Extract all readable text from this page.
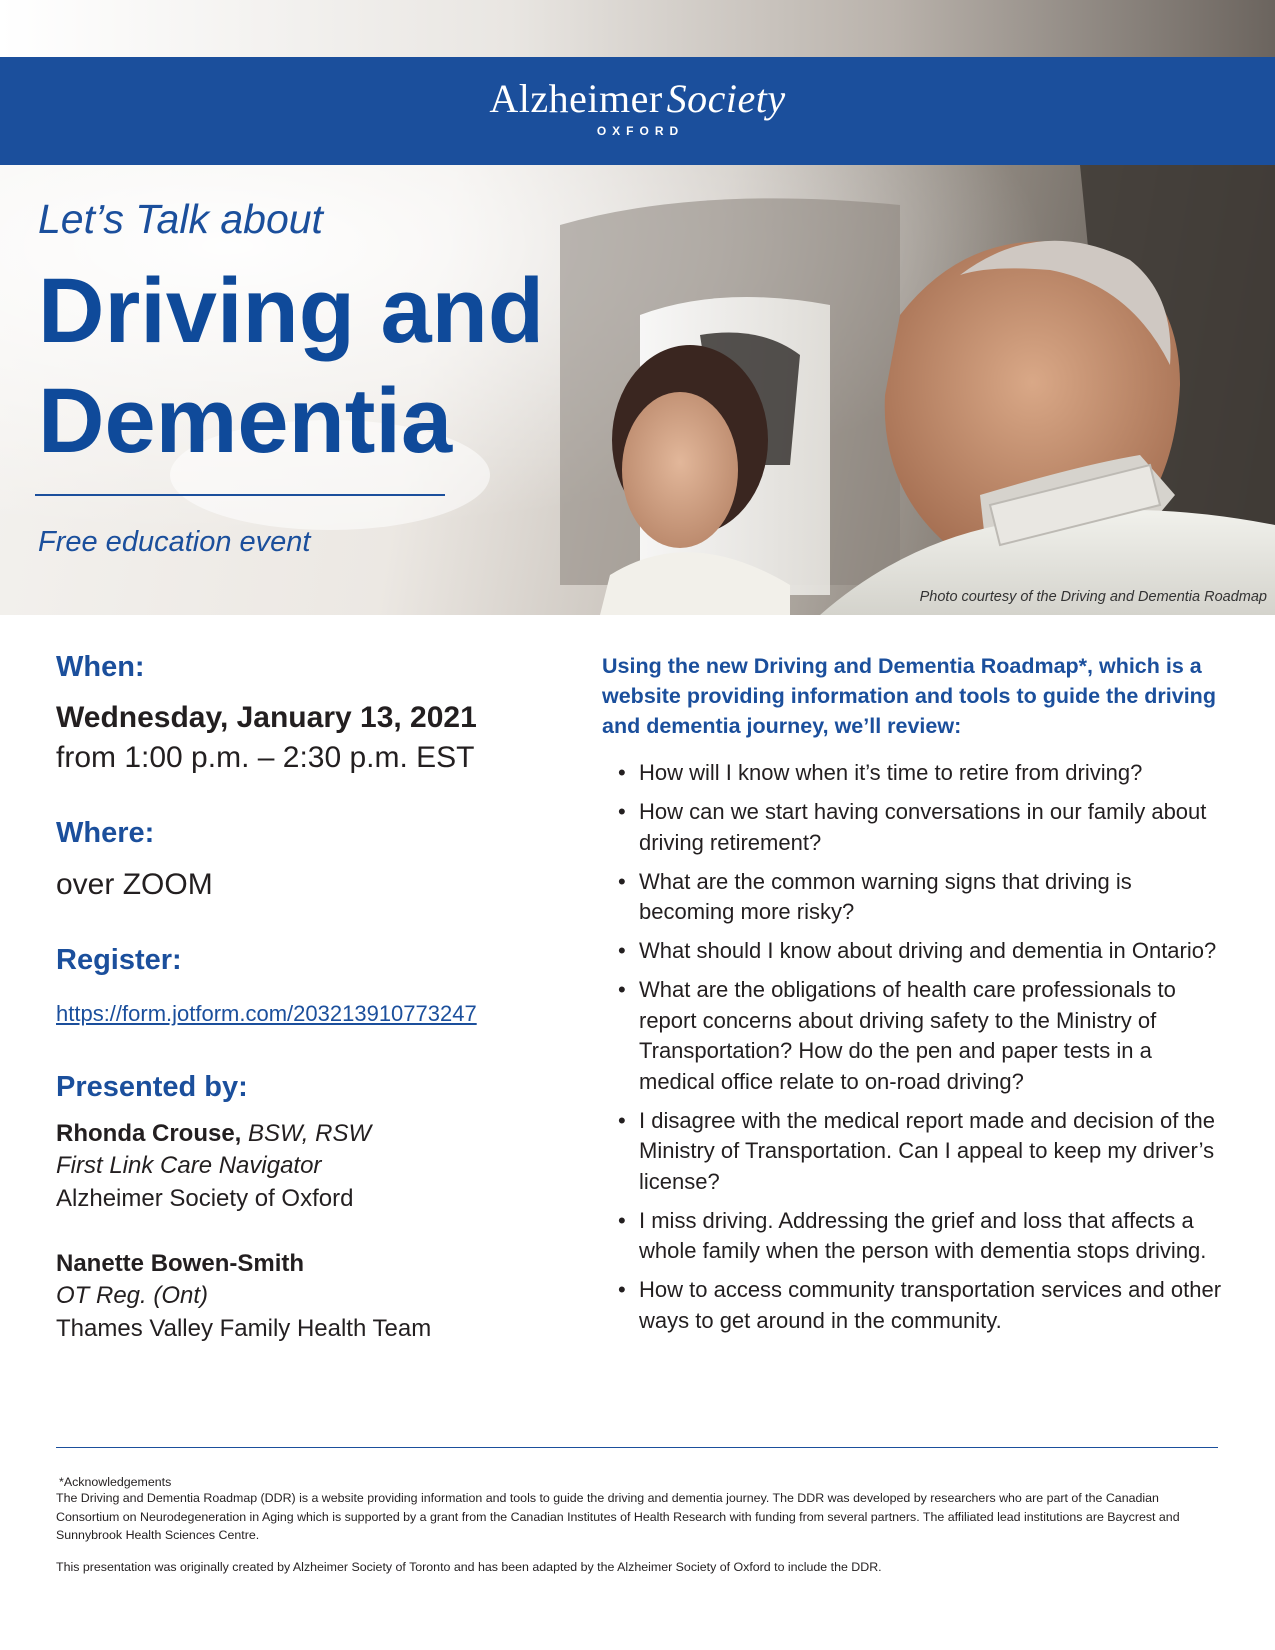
Alzheimer Society
OXFORD
Let’s Talk about
Driving and
Dementia
Free education event
Photo courtesy of the Driving and Dementia Roadmap
When:
Wednesday, January 13, 2021
from 1:00 p.m. – 2:30 p.m. EST
Where:
over ZOOM
Register:
https://form.jotform.com/203213910773247
Presented by:
Rhonda Crouse, BSW, RSW
First Link Care Navigator
Alzheimer Society of Oxford
Nanette Bowen-Smith
OT Reg. (Ont)
Thames Valley Family Health Team
Using the new Driving and Dementia Roadmap*, which is a website providing information and tools to guide the driving and dementia journey, we’ll review:
• How will I know when it’s time to retire from driving?
• How can we start having conversations in our family about driving retirement?
• What are the common warning signs that driving is becoming more risky?
• What should I know about driving and dementia in Ontario?
• What are the obligations of health care professionals to report concerns about driving safety to the Ministry of Transportation? How do the pen and paper tests in a medical office relate to on-road driving?
• I disagree with the medical report made and decision of the Ministry of Transportation. Can I appeal to keep my driver’s license?
• I miss driving. Addressing the grief and loss that affects a whole family when the person with dementia stops driving.
• How to access community transportation services and other ways to get around in the community.
*Acknowledgements
The Driving and Dementia Roadmap (DDR) is a website providing information and tools to guide the driving and dementia journey. The DDR was developed by researchers who are part of the Canadian Consortium on Neurodegeneration in Aging which is supported by a grant from the Canadian Institutes of Health Research with funding from several partners. The affiliated lead institutions are Baycrest and Sunnybrook Health Sciences Centre.
This presentation was originally created by Alzheimer Society of Toronto and has been adapted by the Alzheimer Society of Oxford to include the DDR.
